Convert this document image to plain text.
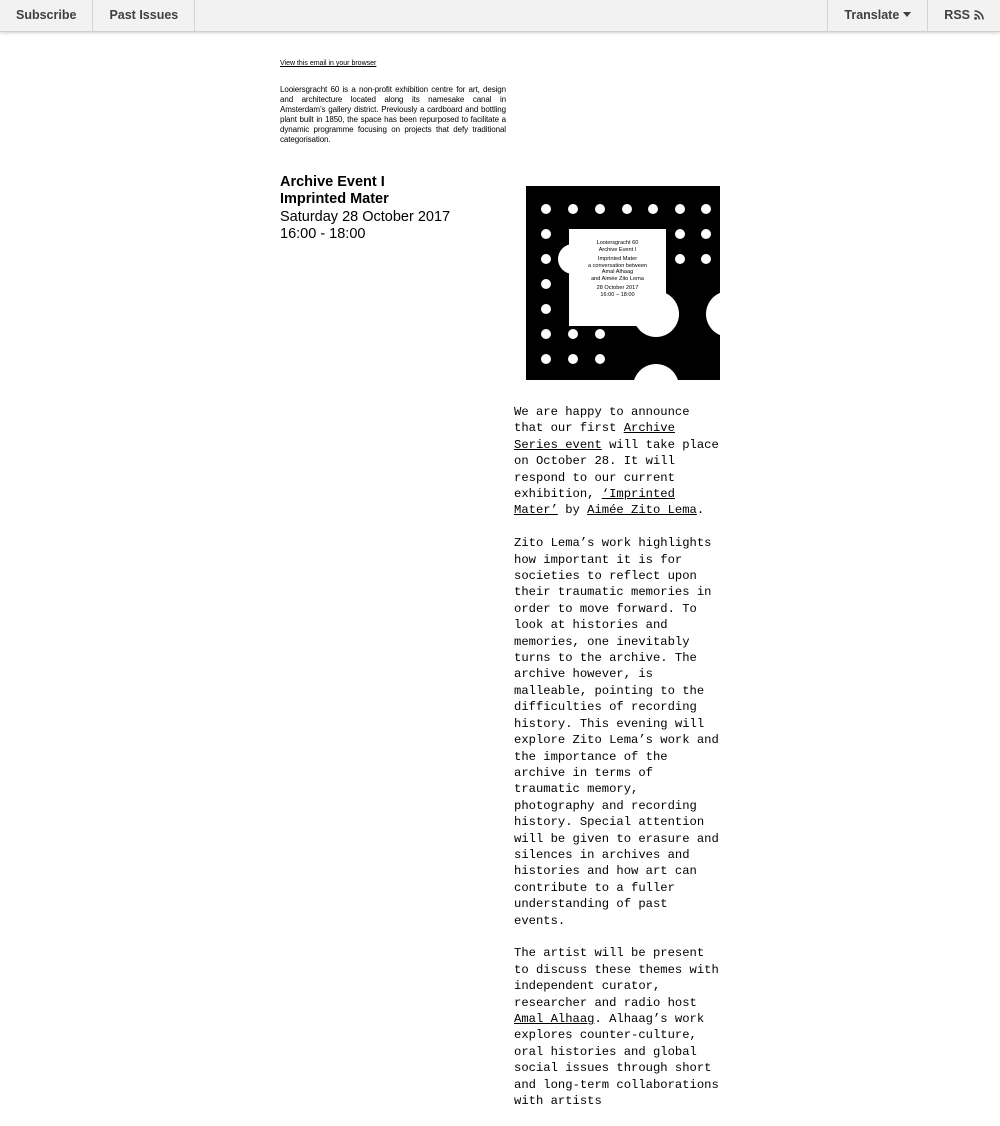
Subscribe	Past Issues	Translate	RSS
View this email in your browser
Looiersgracht 60 is a non-profit exhibition centre for art, design and architecture located along its namesake canal in Amsterdam’s gallery district. Previously a cardboard and bottling plant built in 1850, the space has been repurposed to facilitate a dynamic programme focusing on projects that defy traditional categorisation.
Archive Event I
Imprinted Mater
Saturday 28 October 2017
16:00 - 18:00
Looiersgracht 60
Archive Event I
Imprinted Mater
a conversation between
Amal Alhaag
and Aimée Zito Lema
28 October 2017
16:00 – 18:00

We are happy to announce that our first Archive Series event will take place on October 28. It will respond to our current exhibition, ‘Imprinted Mater’ by Aimée Zito Lema.

Zito Lema’s work highlights how important it is for societies to reflect upon their traumatic memories in order to move forward. To look at histories and memories, one inevitably turns to the archive. The archive however, is malleable, pointing to the difficulties of recording history. This evening will explore Zito Lema’s work and the importance of the archive in terms of traumatic memory, photography and recording history. Special attention will be given to erasure and silences in archives and histories and how art can contribute to a fuller understanding of past events.

The artist will be present to discuss these themes with independent curator, researcher and radio host Amal Alhaag. Alhaag’s work explores counter-culture, oral histories and global social issues through short and long-term collaborations with artists
